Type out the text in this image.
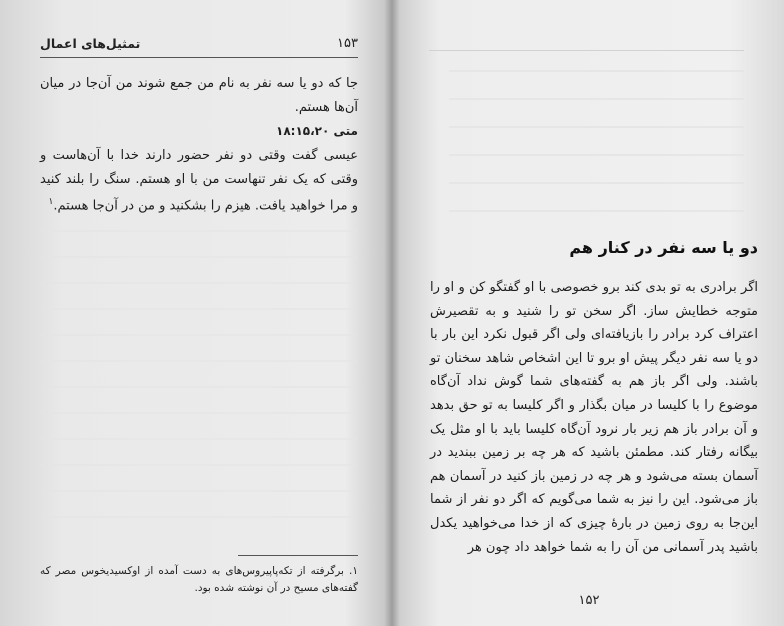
۱۵۳
تمثیل‌های اعمال
جا که دو یا سه نفر به نام من جمع شوند من آن‌جا در میان آن‌ها هستم.
متی ۱۸:۱۵،۲۰
عیسی گفت وقتی دو نفر حضور دارند خدا با آن‌هاست و وقتی که یک نفر تنهاست من با او هستم. سنگ را بلند کنید و مرا خواهید یافت. هیزم را بشکنید و من در آن‌جا هستم.$^۱$
۱. برگرفته از تکه‌پاپیروس‌های به دست آمده از اوکسیدیخوس مصر که گفته‌های مسیح در آن نوشته شده بود.
دو یا سه نفر در کنار هم
اگر برادری به تو بدی کند برو خصوصی با او گفتگو کن و او را متوجه خطایش ساز. اگر سخن تو را شنید و به تقصیرش اعتراف کرد برادر را بازیافته‌ای ولی اگر قبول نکرد این بار با دو یا سه نفر دیگر پیش او برو تا این اشخاص شاهد سخنان تو باشند. ولی اگر باز هم به گفته‌های شما گوش نداد آن‌گاه موضوع را با کلیسا در میان بگذار و اگر کلیسا به تو حق بدهد و آن برادر باز هم زیر بار نرود آن‌گاه کلیسا باید با او مثل یک بیگانه رفتار کند. مطمئن باشید که هر چه بر زمین ببندید در آسمان بسته می‌شود و هر چه در زمین باز کنید در آسمان هم باز می‌شود. این را نیز به شما می‌گویم که اگر دو نفر از شما این‌جا به روی زمین در بارهٔ چیزی که از خدا می‌خواهید یکدل باشید پدر آسمانی من آن را به شما خواهد داد چون هر
۱۵۲
